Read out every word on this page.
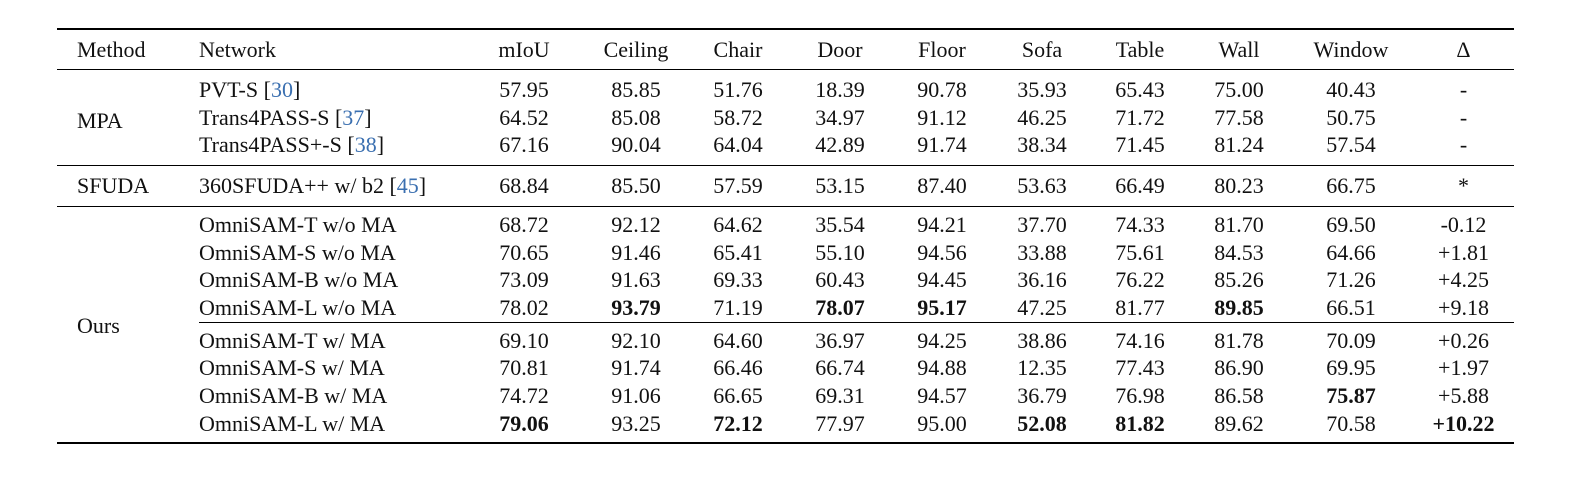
Method	Network	mIoU	Ceiling	Chair	Door	Floor	Sofa	Table	Wall	Window	Δ
MPA	PVT-S [30]	57.95	85.85	51.76	18.39	90.78	35.93	65.43	75.00	40.43	-
	Trans4PASS-S [37]	64.52	85.08	58.72	34.97	91.12	46.25	71.72	77.58	50.75	-
	Trans4PASS+-S [38]	67.16	90.04	64.04	42.89	91.74	38.34	71.45	81.24	57.54	-
SFUDA	360SFUDA++ w/ b2 [45]	68.84	85.50	57.59	53.15	87.40	53.63	66.49	80.23	66.75	*
Ours	OmniSAM-T w/o MA	68.72	92.12	64.62	35.54	94.21	37.70	74.33	81.70	69.50	-0.12
	OmniSAM-S w/o MA	70.65	91.46	65.41	55.10	94.56	33.88	75.61	84.53	64.66	+1.81
	OmniSAM-B w/o MA	73.09	91.63	69.33	60.43	94.45	36.16	76.22	85.26	71.26	+4.25
	OmniSAM-L w/o MA	78.02	93.79	71.19	78.07	95.17	47.25	81.77	89.85	66.51	+9.18
	OmniSAM-T w/ MA	69.10	92.10	64.60	36.97	94.25	38.86	74.16	81.78	70.09	+0.26
	OmniSAM-S w/ MA	70.81	91.74	66.46	66.74	94.88	12.35	77.43	86.90	69.95	+1.97
	OmniSAM-B w/ MA	74.72	91.06	66.65	69.31	94.57	36.79	76.98	86.58	75.87	+5.88
	OmniSAM-L w/ MA	79.06	93.25	72.12	77.97	95.00	52.08	81.82	89.62	70.58	+10.22
